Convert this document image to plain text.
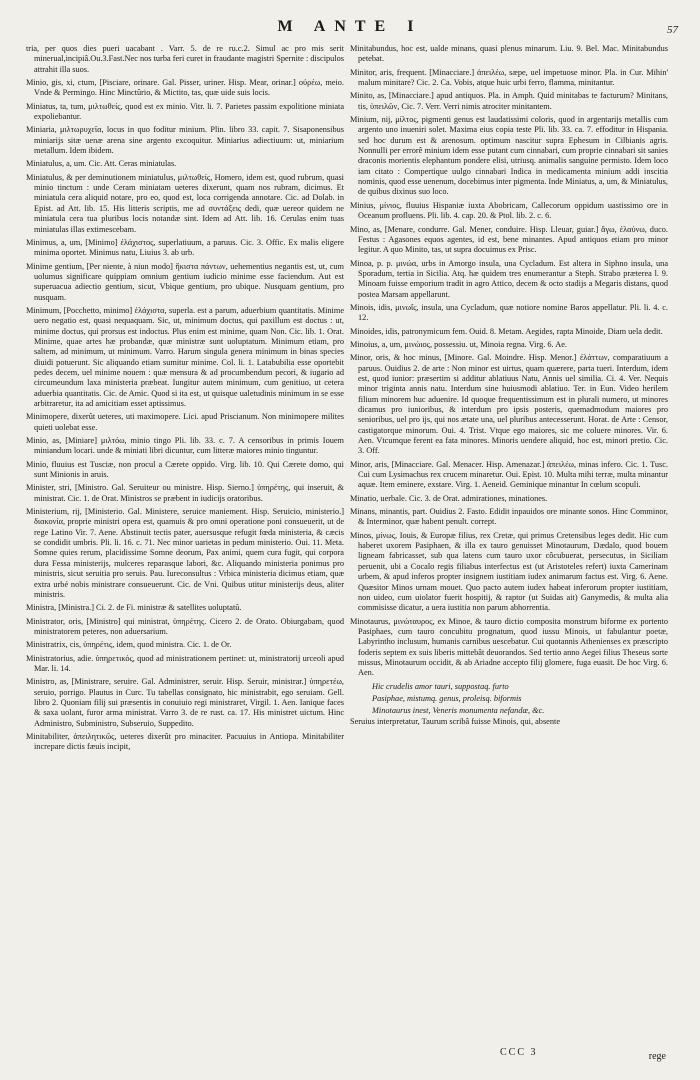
M ANTE I	57

tria, per quos dies pueri uacabant . Varr. 5. de re ru.c.2. Simul ac pro mis serit minerual,incipiâ.Ou.3.Fast.Nec nos turba feri curet in fraudante magistri Spernite : discipulos attrahit illa suos.

Minio, gis, xi, ctum, [Pisciare, orinare. Gal. Pisser, uriner. Hisp. Mear, orinar.] οὐρέω, meio. Vnde & Permingo. Hinc Minctûrio, & Mictito, tas, quæ uide suis locis.

Miniatus, ta, tum, μιλτωθείς, quod est ex minio. Vitr. li. 7. Parietes passim expolitione miniata expoliebantur.

Miniaria, μιλτωρυχεῖα, locus in quo foditur minium. Plin. libro 33. capit. 7. Sisaponensibus miniarijs sitæ uenæ arena sine argento excoquitur. Miniarius adiectiuum: ut, miniarium metallum. Idem ibidem.

Miniatulus, a, um. Cic. Att. Ceras miniatulas.

Miniatulus, & per deminutionem miniatulus, μιλτωθείς, Homero, idem est, quod rubrum, quasi minio tinctum : unde Ceram miniatam ueteres dixerunt, quam nos rubram, dicimus. Et miniatula cera aliquid notare, pro eo, quod est, loca corrigenda annotare. Cic. ad Dolab. in Epist. ad Att. lib. 15. His litteris scriptis, me ad συντάξεις dedi, quæ uereor quidem ne miniatula cera tua pluribus locis notandæ sint. Idem ad Att. lib. 16. Cerulas enim tuas miniatulas illas extimescebam.

Minimus, a, um, [Minimo] ἐλάχιστος, superlatiuum, a paruus. Cic. 3. Offic. Ex malis eligere minima oportet. Minimus natu, Liuius 3. ab urb.

Minime gentium, [Per niente, à niun modo] ἥκιστα πάντων, uehementius negantis est, ut, cum uolumus significare quippiam omnium gentium iudicio minime esse faciendum. Aut est superuacua adiectio gentium, sicut, Vbique gentium, pro ubique. Nusquam gentium, pro nusquam.

Minimum, [Pocchetto, minimo] ἐλάχιστα, superla. est a parum, aduerbium quantitatis. Minime uero negatio est, quasi nequaquam. Sic, ut, minimum doctus, qui paxillum est doctus : ut, minime doctus, qui prorsus est indoctus. Plus enim est minime, quam Non. Cic. lib. 1. Orat. Minime, quae artes hæ probandæ, quæ ministræ sunt uoluptatum. Minimum etiam, pro saltem, ad minimum, ut minimum. Varro. Harum singula genera minimum in binas species diuidi potuerunt. Sic aliquando etiam sumitur minime. Col. li. 1. Latabubilia esse oportebit pedes decem, uel minime nouem : quæ mensura & ad procumbendum pecori, & iugario ad circumeundum laxa ministeria præbeat. Iungitur autem minimum, cum genitiuo, ut cetera aduerbia quantitatis. Cic. de Amic. Quod si ita est, ut quisque ualetudinis minimum in se esse arbitraretur, ita ad amicitiam esset aptissimus.

Minimopere, dixerût ueteres, uti maximopere. Lici. apud Priscianum. Non minimopere milites quieti uolebat esse.

Minio, as, [Miniare] μιλτόω, minio tingo Pli. lib. 33. c. 7. A censoribus in primis Iouem miniandum locari. unde & miniati libri dicuntur, cum litteræ maiores minio tinguntur.

Minio, fluuius est Tusciæ, non procul a Cærete oppido. Virg. lib. 10. Qui Cærete domo, qui sunt Minionis in aruis.

Minister, stri, [Ministro. Gal. Seruiteur ou ministre. Hisp. Sierno.] ὑπηρέτης, qui inseruit, & ministrat. Cic. 1. de Orat. Ministros se præbent in iudicijs oratoribus.

Ministerium, rij, [Ministerio. Gal. Ministere, seruice maniement. Hisp. Seruicio, ministerio.] διακονία, proprie ministri opera est, quamuis & pro omni operatione poni consueuerit, ut de rege Latino Vir. 7. Aene. Abstinuit tectis pater, auersusque refugit fœda ministeria, & cæcis se condidit umbris. Pli. li. 16. c. 71. Nec minor uarietas in pedum ministerio. Oui. 11. Meta. Somne quies rerum, placidissime Somne deorum, Pax animi, quem cura fugit, qui corpora dura Fessa ministerijs, mulceres reparasque labori, &c. Aliquando ministeria ponimus pro ministris, sicut seruitia pro seruis. Pau. Iureconsultus : Vrbica ministeria dicimus etiam, quæ extra urbé nobis ministrare consueuerunt. Cic. de Vni. Quibus utitur ministerijs deus, aliter ministris.

Ministra, [Ministra.] Ci. 2. de Fi. ministræ & satellites uoluptatũ.

Ministrator, oris, [Ministro] qui ministrat, ὑπηρέτης. Cicero 2. de Orato. Obiurgabam, quod ministratorem peteres, non aduersarium.

Ministratrix, cis, ὑπηρέτις, idem, quod ministra. Cic. 1. de Or.

Ministratorius, adie. ὑπηρετικός, quod ad ministrationem pertinet: ut, ministratorij urceoli apud Mar. li. 14.

Ministro, as, [Ministrare, seruire. Gal. Administrer, seruir. Hisp. Seruir, ministrar.] ὑπηρετέω, seruio, porrigo. Plautus in Curc. Tu tabellas consignato, hic ministrabit, ego seruiam. Gell. libro 2. Quoniam filij sui præsentis in conuiuio regi ministraret, Virgil. 1. Aen. Ianique faces & saxa uolant, furor arma ministrat. Varro 3. de re rust. ca. 17. His ministret uictum. Hinc Administro, Subministro, Subseruio, Suppedito.

Minitabiliter, ἀπειλητικῶς, ueteres dixerût pro minaciter. Pacuuius in Antiopa. Minitabiliter increpare dictis fæuis incipit,

Minitabundus, hoc est, ualde minans, quasi plenus minarum. Liu. 9. Bel. Mac. Minitabundus petebat.

Minitor, aris, frequent. [Minacciare.] ἀπειλέω, sæpe, uel impetuose minor. Pla. in Cur. Mihin' malum minitare? Cic. 2. Ca. Vobis, atque huic urbi ferro, flamma, minitantur.

Minito, as, [Minacciare.] apud antiquos. Pla. in Amph. Quid minitabas te facturum? Minitans, tis, ὑπειλῶν, Cic. 7. Verr. Verri nimis atrociter minitantem.

Minium, nij, μίλτος, pigmenti genus est laudatissimi coloris, quod in argentarijs metallis cum argento uno inueniri solet. Maxima eius copia teste Pli. lib. 33. ca. 7. effoditur in Hispania. sed hoc durum est & arenosum. optimum nascitur supra Ephesum in Cilbianis agris. Nonnulli per errorê minium idem esse putant cum cinnabari, cum proprie cinnabari sit sanies draconis morientis elephantum pondere elisi, utriusq. animalis sanguine permisto. Idem loco iam citato : Compertique uulgo cinnabari Indica in medicamenta minium addi inscitia nominis, quod esse uenenum, docebimus inter pigmenta. Inde Miniatus, a, um, & Miniatulus, de quibus dixinus suo loco.

Minius, μίνιος, fluuius Hispaniæ iuxta Abobricam, Callecorum oppidum uastissimo ore in Oceanum profluens. Pli. lib. 4. cap. 20. & Ptol. lib. 2. c. 6.

Mino, as, [Menare, condurre. Gal. Mener, conduire. Hisp. Lleuar, guiar.] ἄγω, ἐλαύνω, duco. Festus : Agasones equos agentes, id est, bene minantes. Apud antiquos etiam pro minor legitur. A quo Minito, tas, ut supra docuimus ex Prisc.

Minoa, p. p. μινώα, urbs in Amorgo insula, una Cycladum. Est altera in Siphno insula, una Sporadum, tertia in Sicilia. Atq. hæ quidem tres enumerantur a Steph. Strabo præterea l. 9. Minoam fuisse emporium tradit in agro Attico, decem & octo stadijs a Megaris distans, quod postea Marsam appellarunt.

Minois, idis, μινωΐς, insula, una Cycladum, quæ notiore nomine Baros appellatur. Pli. li. 4. c. 12.

Minoides, idis, patronymicum fem. Ouid. 8. Metam. Aegides, rapta Minoide, Diam uela dedit.

Minoius, a, um, μινώιος, possessiu. ut, Minoia regna. Virg. 6. Ae.

Minor, oris, & hoc minus, [Minore. Gal. Moindre. Hisp. Menor.] ἐλάττων, comparatiuum a paruus. Ouidius 2. de arte : Non minor est uirtus, quam quærere, parta tueri. Interdum, idem est, quod iunior: præsertim si additur ablatiuus Natu, Annis uel similia. Ci. 4. Ver. Nequis minor triginta annis natu. Interdum sine huiusmodi ablatiuo. Ter. in Eun. Video herilem filium minorem huc aduenire. Id quoque frequentissimum est in plurali numero, ut minores dicamus pro iunioribus, & interdum pro ipsis posteris, quemadmodum maiores pro senioribus, uel pro ijs, qui nos ætate una, uel pluribus antecesserunt. Horat. de Arte : Censor, castigatorque minorum. Oui. 4. Trist. Vtque ego maiores, sic me coluere minores. Vir. 6. Aen. Vtcumque ferent ea fata minores. Minoris uendere aliquid, hoc est, minori pretio. Cic. 3. Off.

Minor, aris, [Minacciare. Gal. Menacer. Hisp. Amenazar.] ἀπειλέω, minas infero. Cic. 1. Tusc. Cui cum Lysimachus rex crucem minaretur. Oui. Epist. 10. Multa mihi terræ, multa minantur aquæ. Item eminere, exstare. Virg. 1. Aeneid. Geminique minantur In cœlum scopuli.

Minatio, uerbale. Cic. 3. de Orat. admirationes, minationes.

Minans, minantis, part. Ouidius 2. Fasto. Edidit inpauidos ore minante sonos. Hinc Comminor, & Interminor, quæ habent penult. corrept.

Minos, μίνως, Iouis, & Europæ filius, rex Cretæ, qui primus Cretensibus leges dedit. Hic cum haberet uxorem Pasiphaen, & illa ex tauro genuisset Minotaurum, Dædalo, quod bouem ligneam fabricasset, sub qua latens cum tauro uxor côcubuerat, persecutus, in Siciliam peruenit, ubi a Cocalo regis filiabus interfectus est (ut Aristoteles refert) iuxta Camerinam urbem, & apud inferos propter insignem iustitiam iudex animarum factus est. Virg. 6. Aene. Quæsitor Minos urnam mouet. Quo pacto autem iudex habeat inferorum propter iustitiam, non uideo, cum uiolator fuerit hospitij, & raptor (ut Suidas ait) Ganymedis, & multa alia commisisse dicatur, a uera iustitia non parum abhorrentia.

Minotaurus, μινώταυρος, ex Minoe, & tauro dictio composita monstrum biforme ex portento Pasiphaes, cum tauro concubitu prognatum, quod iussu Minois, ut fabulantur poetæ, Labyrintho inclusum, humanis carnibus uescebatur. Cui quotannis Athenienses ex præscripto foderis septem ex suis liberis mittebât deuorandos. Sed tertio anno Aegei filius Theseus sorte missus, Minotaurum occidit, & ab Ariadne accepto filij glomere, fuga euasit. De hoc Virg. 6. Aen.

Hic crudelis amor tauri, suppostaq. furto

Pasiphae, mistumq. genus, proleisq. biformis

Minotaurus inest, Veneris monumenta nefandæ, &c.

Seruius interpretatur, Taurum scribâ fuisse Minois, qui, absente

CCC 3	rege
